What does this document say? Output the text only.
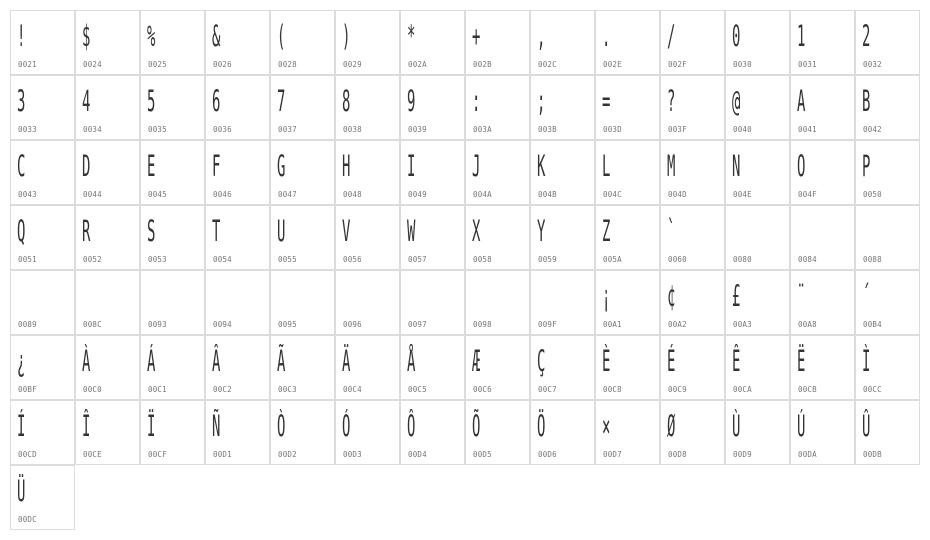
!
0021
$
0024
%
0025
&
0026
(
0028
)
0029
*
002A
+
002B
,
002C
.
002E
/
002F
0
0030
1
0031
2
0032
3
0033
4
0034
5
0035
6
0036
7
0037
8
0038
9
0039
:
003A
;
003B
=
003D
?
003F
@
0040
A
0041
B
0042
C
0043
D
0044
E
0045
F
0046
G
0047
H
0048
I
0049
J
004A
K
004B
L
004C
M
004D
N
004E
O
004F
P
0050
Q
0051
R
0052
S
0053
T
0054
U
0055
V
0056
W
0057
X
0058
Y
0059
Z
005A
`
0060	0080	0084	0088
0089	008C	0093	0094	0095	0096	0097	0098	009F
¡
00A1
¢
00A2
£
00A3
¨
00A8
´
00B4
¿
00BF
À
00C0
Á
00C1
Â
00C2
Ã
00C3
Ä
00C4
Å
00C5
Æ
00C6
Ç
00C7
È
00C8
É
00C9
Ê
00CA
Ë
00CB
Ì
00CC
Í
00CD
Î
00CE
Ï
00CF
Ñ
00D1
Ò
00D2
Ó
00D3
Ô
00D4
Õ
00D5
Ö
00D6
×
00D7
Ø
00D8
Ù
00D9
Ú
00DA
Û
00DB
Ü
00DC
